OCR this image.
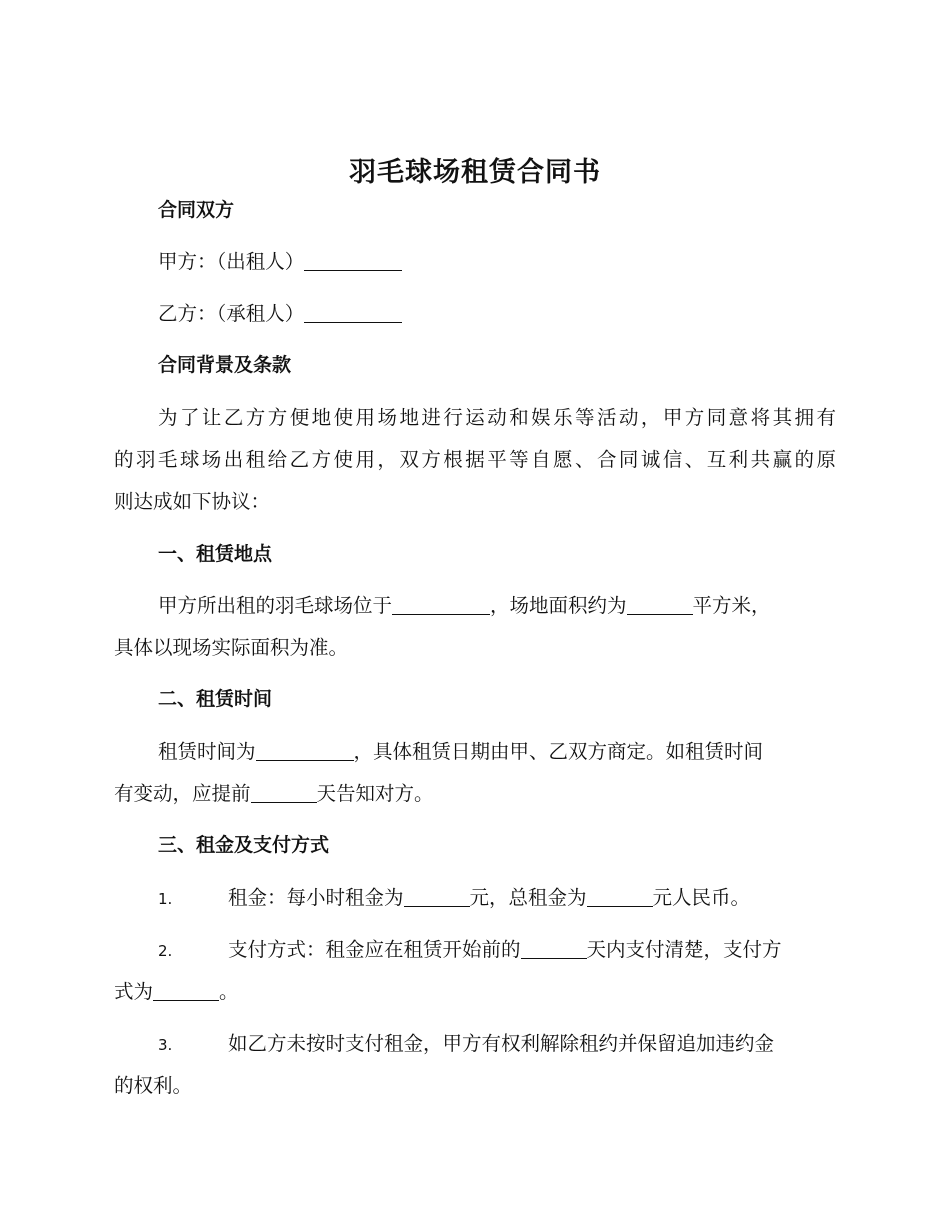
羽毛球场租赁合同书
合同双方
甲方：（出租人）
乙方：（承租人）
合同背景及条款
为了让乙方方便地使用场地进行运动和娱乐等活动，甲方同意将其拥有
的羽毛球场出租给乙方使用，双方根据平等自愿、合同诚信、互利共赢的原
则达成如下协议：
一、租赁地点
甲方所出租的羽毛球场位于	，场地面积约为	平方米，
具体以现场实际面积为准。
二、租赁时间
租赁时间为	，具体租赁日期由甲、乙双方商定。如租赁时间
有变动，应提前	天告知对方。
三、租金及支付方式
1.	租金：每小时租金为	元，总租金为	元人民币。
2.	支付方式：租金应在租赁开始前的	天内支付清楚，支付方
式为	。
3.	如乙方未按时支付租金，甲方有权利解除租约并保留追加违约金
的权利。
